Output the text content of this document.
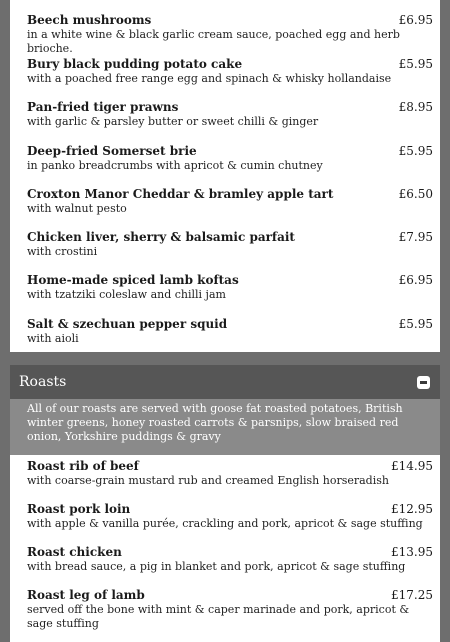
Beech mushrooms	£6.95
in a white wine & black garlic cream sauce, poached egg and herb brioche.
Bury black pudding potato cake	£5.95
with a poached free range egg and spinach & whisky hollandaise
Pan-fried tiger prawns	£8.95
with garlic & parsley butter or sweet chilli & ginger
Deep-fried Somerset brie	£5.95
in panko breadcrumbs with apricot & cumin chutney
Croxton Manor Cheddar & bramley apple tart	£6.50
with walnut pesto
Chicken liver, sherry & balsamic parfait	£7.95
with crostini
Home-made spiced lamb koftas	£6.95
with tzatziki coleslaw and chilli jam
Salt & szechuan pepper squid	£5.95
with aioli
Roasts
All of our roasts are served with goose fat roasted potatoes, British winter greens, honey roasted carrots & parsnips, slow braised red onion, Yorkshire puddings & gravy
Roast rib of beef	£14.95
with coarse-grain mustard rub and creamed English horseradish
Roast pork loin	£12.95
with apple & vanilla purée, crackling and pork, apricot & sage stuffing
Roast chicken	£13.95
with bread sauce, a pig in blanket and pork, apricot & sage stuffing
Roast leg of lamb	£17.25
served off the bone with mint & caper marinade and pork, apricot & sage stuffing
